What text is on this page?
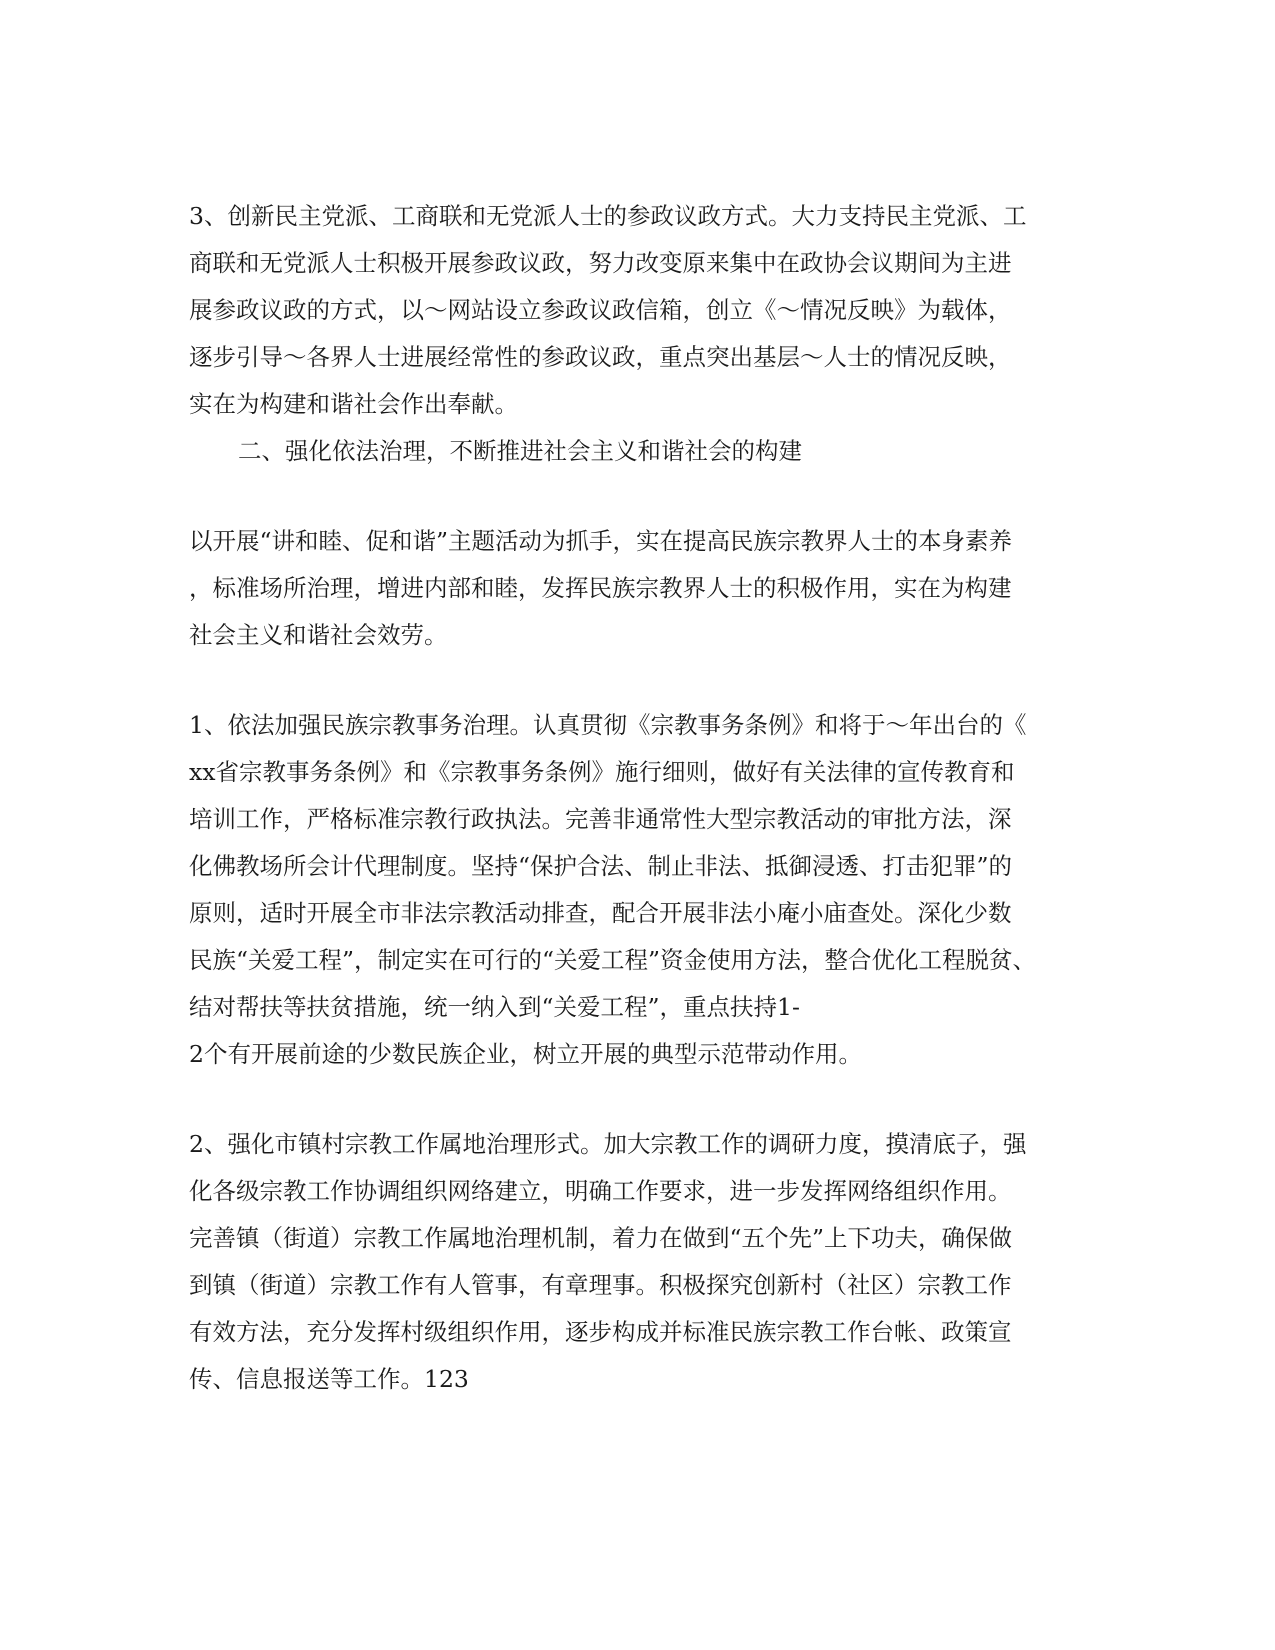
3、创新民主党派、工商联和无党派人士的参政议政方式。大力支持民主党派、工
商联和无党派人士积极开展参政议政，努力改变原来集中在政协会议期间为主进
展参政议政的方式，以～网站设立参政议政信箱，创立《～情况反映》为载体，
逐步引导～各界人士进展经常性的参政议政，重点突出基层～人士的情况反映，
实在为构建和谐社会作出奉献。
二、强化依法治理，不断推进社会主义和谐社会的构建
以开展“讲和睦、促和谐”主题活动为抓手，实在提高民族宗教界人士的本身素养
，标准场所治理，增进内部和睦，发挥民族宗教界人士的积极作用，实在为构建
社会主义和谐社会效劳。
1、依法加强民族宗教事务治理。认真贯彻《宗教事务条例》和将于～年出台的《
xx省宗教事务条例》和《宗教事务条例》施行细则，做好有关法律的宣传教育和
培训工作，严格标准宗教行政执法。完善非通常性大型宗教活动的审批方法，深
化佛教场所会计代理制度。坚持“保护合法、制止非法、抵御浸透、打击犯罪”的
原则，适时开展全市非法宗教活动排查，配合开展非法小庵小庙查处。深化少数
民族“关爱工程”，制定实在可行的“关爱工程”资金使用方法，整合优化工程脱贫、
结对帮扶等扶贫措施，统一纳入到“关爱工程”，重点扶持1-
2个有开展前途的少数民族企业，树立开展的典型示范带动作用。
2、强化市镇村宗教工作属地治理形式。加大宗教工作的调研力度，摸清底子，强
化各级宗教工作协调组织网络建立，明确工作要求，进一步发挥网络组织作用。
完善镇（街道）宗教工作属地治理机制，着力在做到“五个先”上下功夫，确保做
到镇（街道）宗教工作有人管事，有章理事。积极探究创新村（社区）宗教工作
有效方法，充分发挥村级组织作用，逐步构成并标准民族宗教工作台帐、政策宣
传、信息报送等工作。123
